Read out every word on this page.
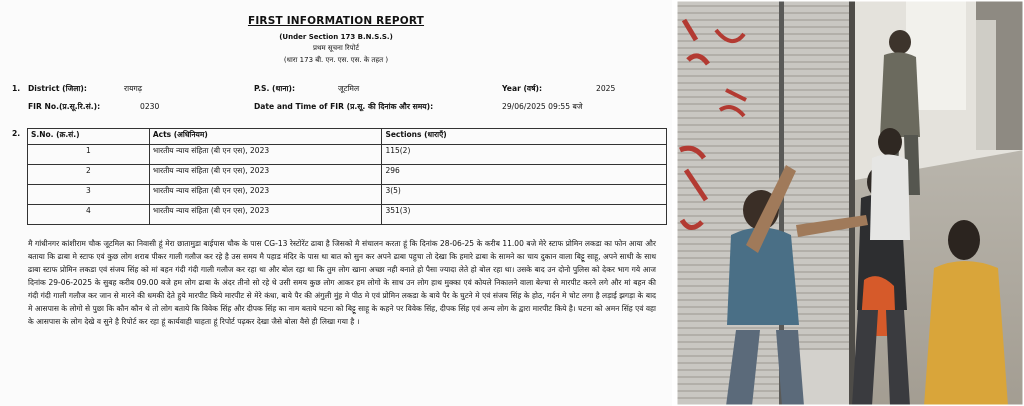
FIRST INFORMATION REPORT
(Under Section 173 B.N.S.S.)
प्रथम सूचना रिपोर्ट
(धारा 173 बी. एन. एस. एस. के तहत )
1. District (जिला):	रायगढ़	P.S. (थाना):	जूटमिल	Year (वर्ष):	2025
FIR No.(प्र.सू.रि.सं.):	0230	Date and Time of FIR (प्र.सू. की दिनांक और समय):	29/06/2025 09:55 बजे
2. S.No. (क्र.सं.)	Acts (अधिनियम)	Sections (धाराएँ)
1	भारतीय न्याय संहिता (बी एन एस), 2023	115(2)
2	भारतीय न्याय संहिता (बी एन एस), 2023	296
3	भारतीय न्याय संहिता (बी एन एस), 2023	3(5)
4	भारतीय न्याय संहिता (बी एन एस), 2023	351(3)

मै गांधीनगर कांशीराम चौक जूटमिल का निवासी हूं मेरा छातामुडा बाईपास चौक के पास CG-13 रेस्टोरेंट ढाबा है जिसको मै संचालन करता हूं कि दिनांक 28-06-25 के करीब 11.00 बजे मेरे स्टाफ प्रोमिन लकडा का फोन आया और बताया कि ढाबा मे स्टाफ एवं कुछ लोग शराब पीकर गाली गलौज कर रहे है उस समय मै पहाड मंदिर के पास था बात को सुन कर अपने ढाबा पहुचा तो देखा कि हमारे ढाबा के सामने का चाय दुकान वाला बिट्टू साहू, अपने साथी के साथ ढाबा स्टाफ प्रोमिन लकडा एवं संजय सिंह को मां बहन गंदी गंदी गाली गलौज कर रहा था और बोल रहा था कि तुम लोग खाना अच्छा नही बनाते हो पैसा ज्यादा लेते हो बोल रहा था। उसके बाद उन दोनो पुलिस को देकर भाग गये आज दिनांक 29-06-2025 के सुबह करीब 09.00 बजे हम लोग ढाबा के अंदर तीनो सो रहे थे उसी समय कुछ लोग आकर हम लोगो के साथ उन लोग हाथ मुक्का एवं कोयले निकालने वाला बेल्चा से मारपीट करने लगे और मां बहन की गंदी गंदी गाली गलौज कर जान से मारने की धमकी देते हुये मारपीट किये मारपीट से मेरे कंधा, बाये पैर की अंगुली मुंह मे पीठ मे एवं प्रोमिन लकडा के बाये पैर के घुटने मे एवं संजय सिंह के होठ, गर्दन मे चोट लगा है लड़ाई झगड़ा के बाद मे आसपास के लोगो से पुछा कि कौन कौन थे तो लोग बताये कि विवेक सिंह और दीपक सिंह का नाम बताये घटना को बिट्टू साहू के कहने पर विवेक सिंह, दीपक सिंह एवं अन्य लोग के द्वारा मारपीट किये है। घटना को अमन सिंह एवं वहा के आसपास के लोग देखे व सुने है रिपोर्ट कर रहा हूं कार्यवाही चाहता हूं रिपोर्ट पढ़कर देखा जैसे बोला वैसे ही लिखा गया है ।
